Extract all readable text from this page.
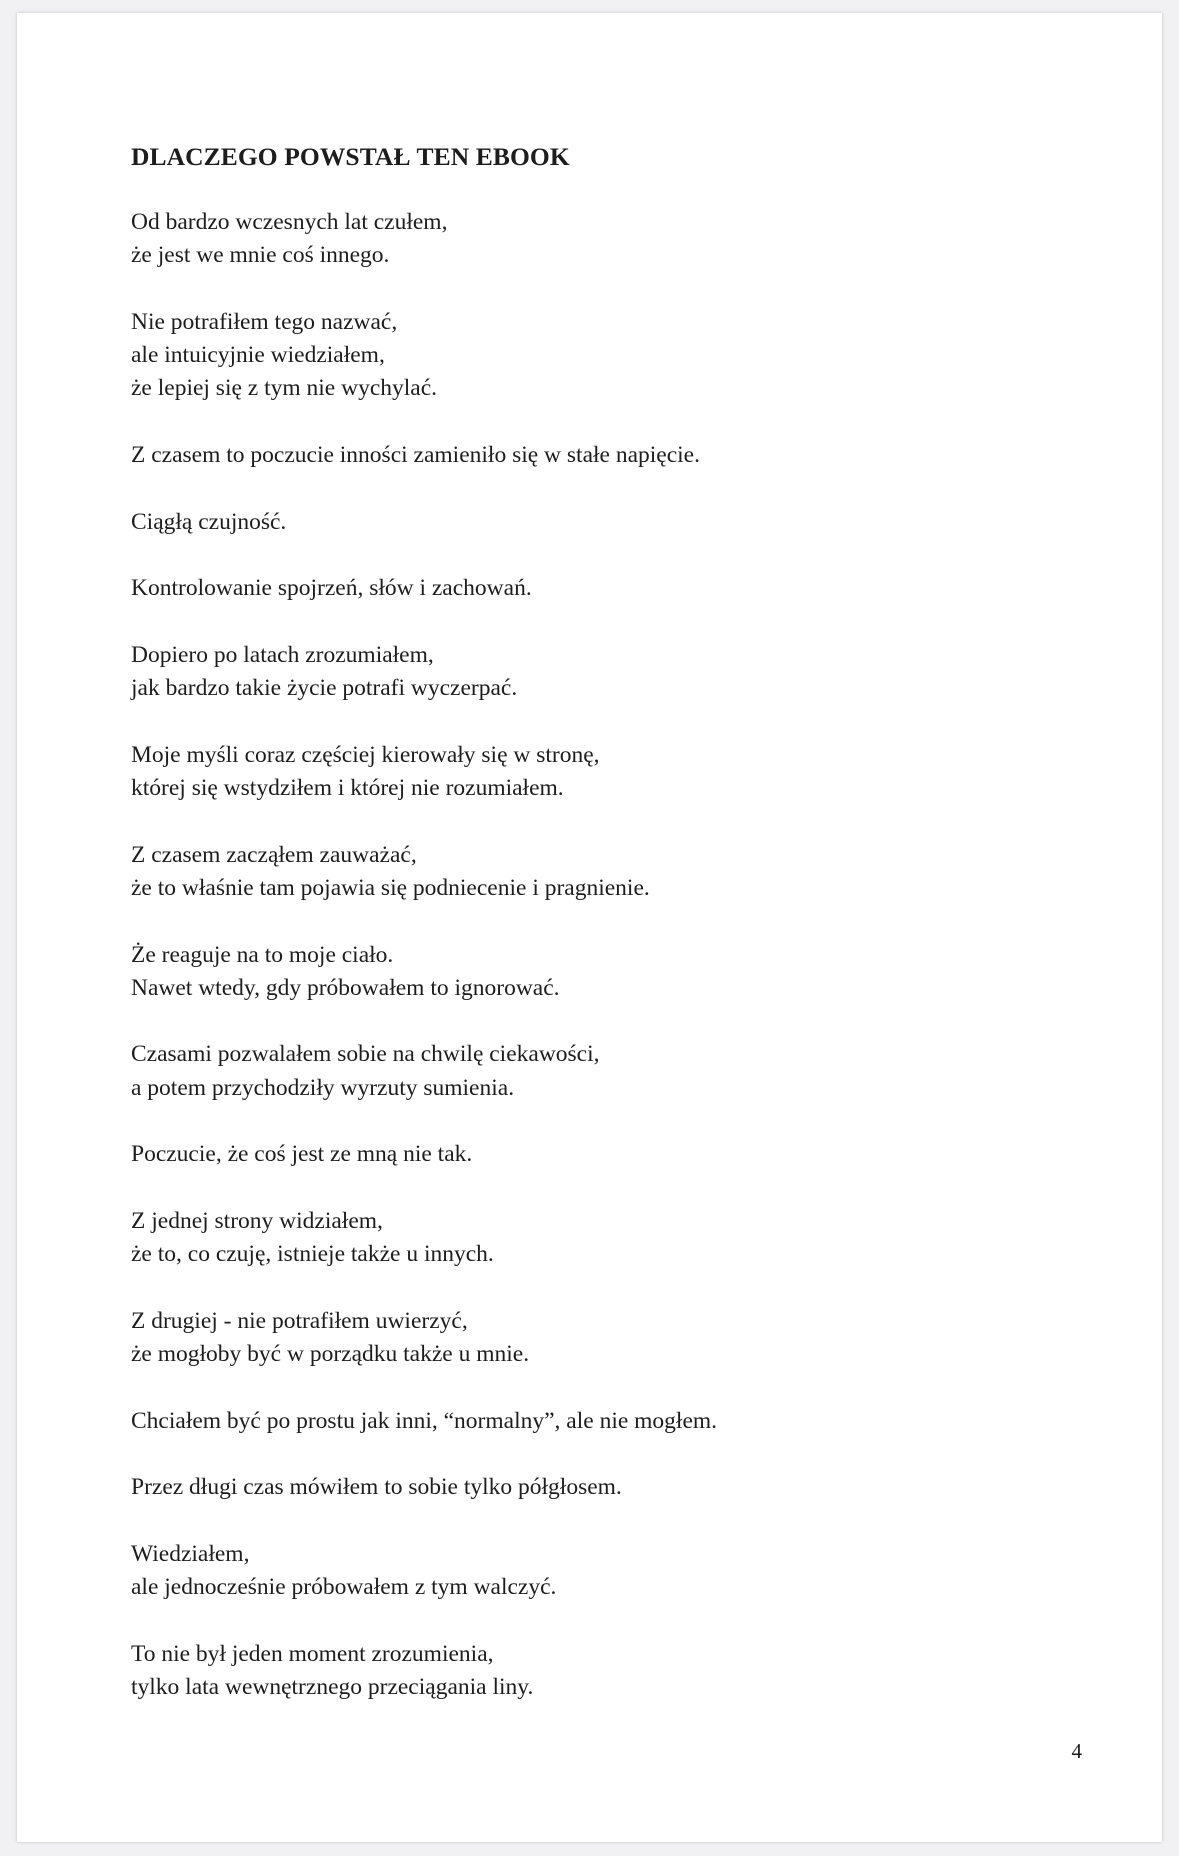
DLACZEGO POWSTAŁ TEN EBOOK
Od bardzo wczesnych lat czułem,
że jest we mnie coś innego.
Nie potrafiłem tego nazwać,
ale intuicyjnie wiedziałem,
że lepiej się z tym nie wychylać.
Z czasem to poczucie inności zamieniło się w stałe napięcie.
Ciągłą czujność.
Kontrolowanie spojrzeń, słów i zachowań.
Dopiero po latach zrozumiałem,
jak bardzo takie życie potrafi wyczerpać.
Moje myśli coraz częściej kierowały się w stronę,
której się wstydziłem i której nie rozumiałem.
Z czasem zacząłem zauważać,
że to właśnie tam pojawia się podniecenie i pragnienie.
Że reaguje na to moje ciało.
Nawet wtedy, gdy próbowałem to ignorować.
Czasami pozwalałem sobie na chwilę ciekawości,
a potem przychodziły wyrzuty sumienia.
Poczucie, że coś jest ze mną nie tak.
Z jednej strony widziałem,
że to, co czuję, istnieje także u innych.
Z drugiej - nie potrafiłem uwierzyć,
że mogłoby być w porządku także u mnie.
Chciałem być po prostu jak inni, “normalny”, ale nie mogłem.
Przez długi czas mówiłem to sobie tylko półgłosem.
Wiedziałem,
ale jednocześnie próbowałem z tym walczyć.
To nie był jeden moment zrozumienia,
tylko lata wewnętrznego przeciągania liny.
4
